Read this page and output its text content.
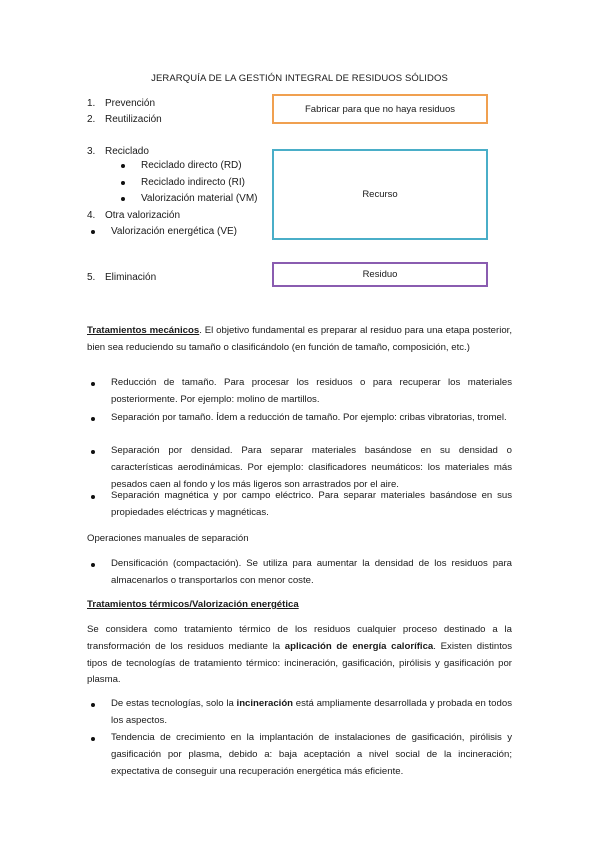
JERARQUÍA DE LA GESTIÓN INTEGRAL DE RESIDUOS SÓLIDOS
1. Prevención
2. Reutilización
3. Reciclado
Reciclado directo (RD)
Reciclado indirecto (RI)
Valorización material (VM)
4. Otra valorización
Valorización energética (VE)
5. Eliminación
Fabricar para que no haya residuos
Recurso
Residuo
Tratamientos mecánicos. El objetivo fundamental es preparar al residuo para una etapa posterior, bien sea reduciendo su tamaño o clasificándolo (en función de tamaño, composición, etc.)
Reducción de tamaño. Para procesar los residuos o para recuperar los materiales posteriormente. Por ejemplo: molino de martillos.
Separación por tamaño. Ídem a reducción de tamaño. Por ejemplo: cribas vibratorias, tromel.
Separación por densidad. Para separar materiales basándose en su densidad o características aerodinámicas. Por ejemplo: clasificadores neumáticos: los materiales más pesados caen al fondo y los más ligeros son arrastrados por el aire.
Separación magnética y por campo eléctrico. Para separar materiales basándose en sus propiedades eléctricas y magnéticas.
Operaciones manuales de separación
Densificación (compactación). Se utiliza para aumentar la densidad de los residuos para almacenarlos o transportarlos con menor coste.
Tratamientos térmicos/Valorización energética
Se considera como tratamiento térmico de los residuos cualquier proceso destinado a la transformación de los residuos mediante la aplicación de energía calorífica. Existen distintos tipos de tecnologías de tratamiento térmico: incineración, gasificación, pirólisis y gasificación por plasma.
De estas tecnologías, solo la incineración está ampliamente desarrollada y probada en todos los aspectos.
Tendencia de crecimiento en la implantación de instalaciones de gasificación, pirólisis y gasificación por plasma, debido a: baja aceptación a nivel social de la incineración; expectativa de conseguir una recuperación energética más eficiente.
